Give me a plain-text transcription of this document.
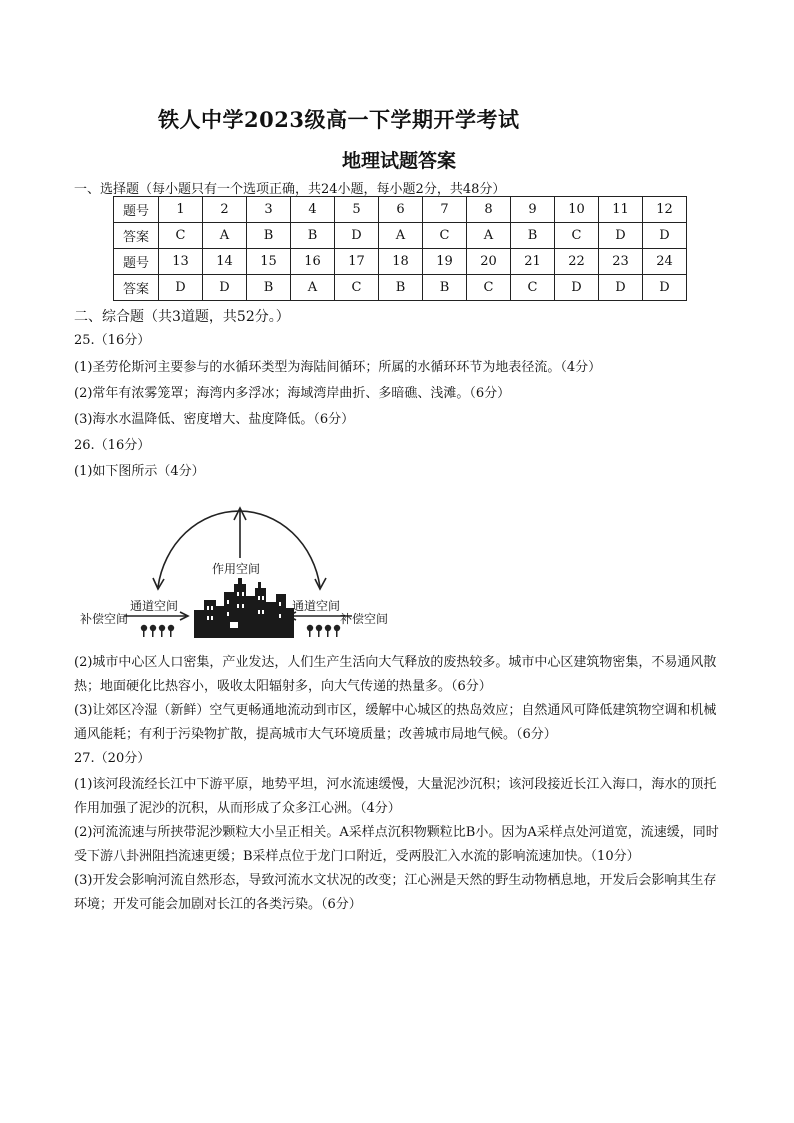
铁人中学2023级高一下学期开学考试
地理试题答案
一、选择题（每小题只有一个选项正确，共24小题，每小题2分，共48分）
题号	1	2	3	4	5	6	7	8	9	10	11	12
答案	C	A	B	B	D	A	C	A	B	C	D	D
题号	13	14	15	16	17	18	19	20	21	22	23	24
答案	D	D	B	A	C	B	B	C	C	D	D	D
二、综合题（共3道题，共52分。）
25.（16分）
(1)圣劳伦斯河主要参与的水循环类型为海陆间循环；所属的水循环环节为地表径流。（4分）
(2)常年有浓雾笼罩；海湾内多浮冰；海域湾岸曲折、多暗礁、浅滩。（6分）
(3)海水水温降低、密度增大、盐度降低。（6分）
26.（16分）
(1)如下图所示（4分）
作用空间
通道空间	通道空间
补偿空间	补偿空间
(2)城市中心区人口密集，产业发达，人们生产生活向大气释放的废热较多。城市中心区建筑物密集，不易通风散热；地面硬化比热容小，吸收太阳辐射多，向大气传递的热量多。（6分）
(3)让郊区冷湿（新鲜）空气更畅通地流动到市区，缓解中心城区的热岛效应；自然通风可降低建筑物空调和机械通风能耗；有利于污染物扩散，提高城市大气环境质量；改善城市局地气候。（6分）
27.（20分）
(1)该河段流经长江中下游平原，地势平坦，河水流速缓慢，大量泥沙沉积；该河段接近长江入海口，海水的顶托作用加强了泥沙的沉积，从而形成了众多江心洲。（4分）
(2)河流流速与所挟带泥沙颗粒大小呈正相关。A采样点沉积物颗粒比B小。因为A采样点处河道宽，流速缓，同时受下游八卦洲阻挡流速更缓；B采样点位于龙门口附近，受两股汇入水流的影响流速加快。（10分）
(3)开发会影响河流自然形态，导致河流水文状况的改变；江心洲是天然的野生动物栖息地，开发后会影响其生存环境；开发可能会加剧对长江的各类污染。（6分）
